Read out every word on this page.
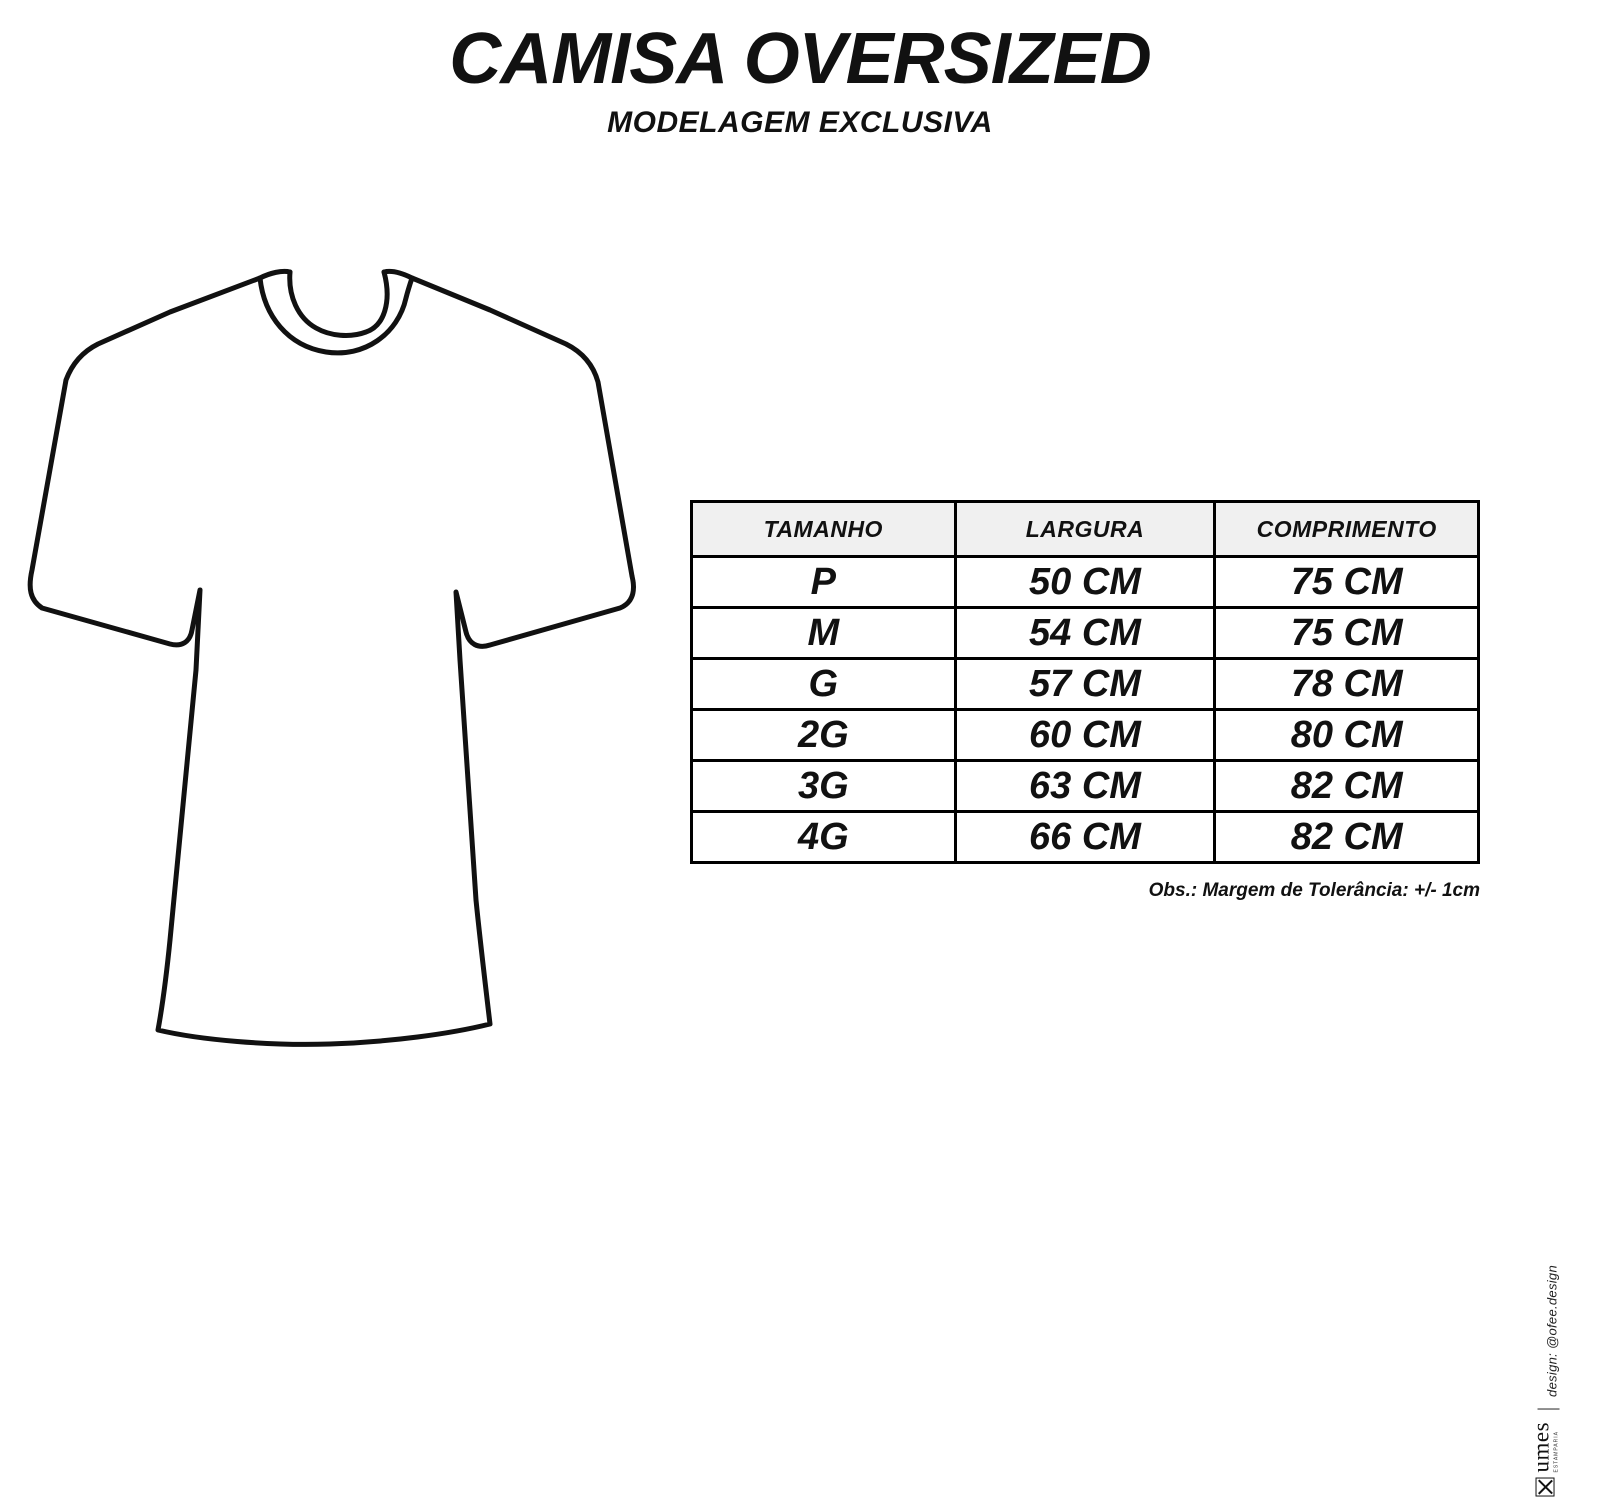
CAMISA OVERSIZED
MODELAGEM EXCLUSIVA
TAMANHO	LARGURA	COMPRIMENTO
P	50 CM	75 CM
M	54 CM	75 CM
G	57 CM	78 CM
2G	60 CM	80 CM
3G	63 CM	82 CM
4G	66 CM	82 CM
Obs.: Margem de Tolerância: +/- 1cm
umes ESTAMPARIA
design: @ofee.design
